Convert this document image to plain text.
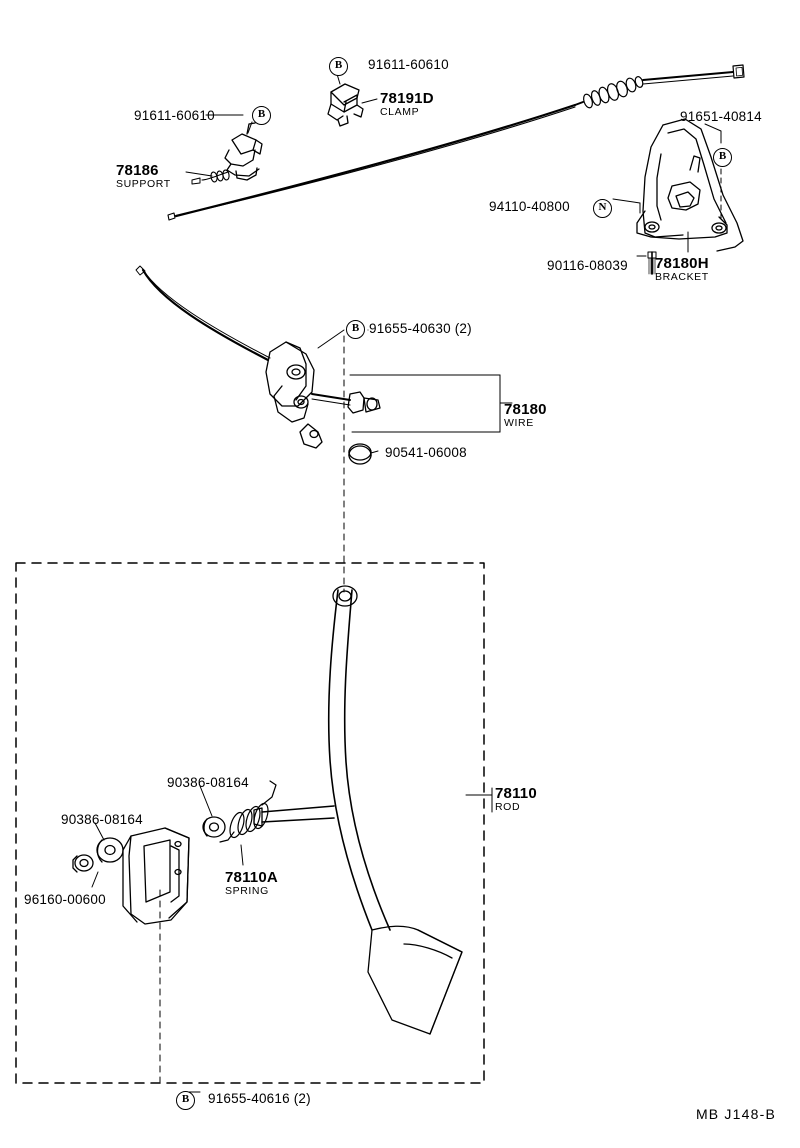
B
B
B
N
B
B
91611-60610
78191D
CLAMP
91611-60610	91651-40814
78186
SUPPORT
94110-40800
90116-08039 78180H
BRACKET
91655-40630 (2)
78180
WIRE
90541-06008
90386-08164
78110
ROD
90386-08164
78110A
SPRING
96160-00600
91655-40616 (2)
MB J148-B
